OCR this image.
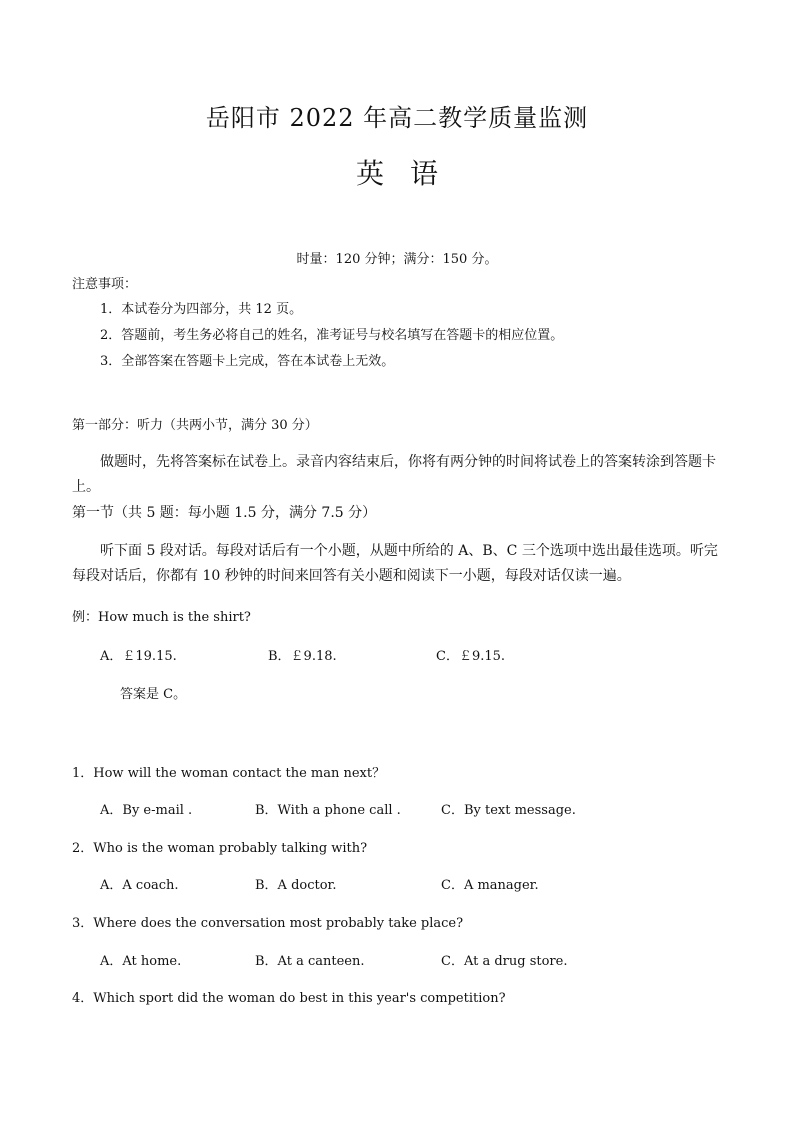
岳阳市 2022 年高二教学质量监测
英语
时量：120 分钟；满分：150 分。
注意事项：
1．本试卷分为四部分，共 12 页。
2．答题前，考生务必将自己的姓名，准考证号与校名填写在答题卡的相应位置。
3．全部答案在答题卡上完成，答在本试卷上无效。
第一部分：听力（共两小节，满分 30 分）
做题时，先将答案标在试卷上。录音内容结束后，你将有两分钟的时间将试卷上的答案转涂到答题卡上。
第一节（共 5 题：每小题 1.5 分，满分 7.5 分）
听下面 5 段对话。每段对话后有一个小题，从题中所给的 A、B、C 三个选项中选出最佳选项。听完每段对话后，你都有 10 秒钟的时间来回答有关小题和阅读下一小题，每段对话仅读一遍。
例：How much is the shirt?
A．￡19.15.	B．￡9.18.	C．￡9.15.
答案是 C。
1．How will the woman contact the man next？
A．By e-mail .	B．With a phone call .	C．By text message.
2．Who is the woman probably talking with?
A．A coach.	B．A doctor.	C．A manager.
3．Where does the conversation most probably take place?
A．At home.	B．At a canteen.	C．At a drug store.
4．Which sport did the woman do best in this year's competition?
